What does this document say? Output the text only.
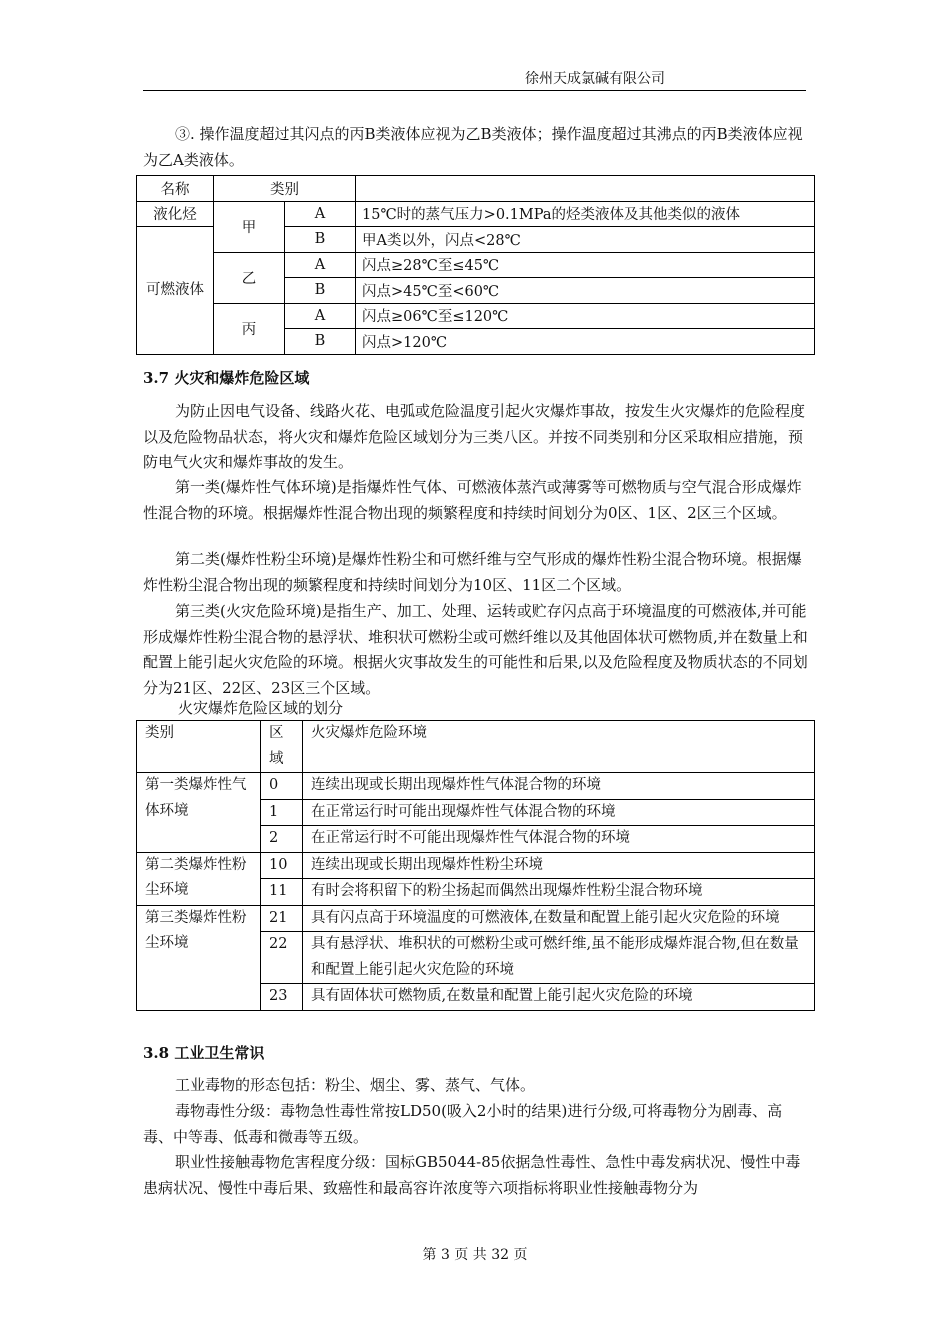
徐州天成氯碱有限公司

③. 操作温度超过其闪点的丙B类液体应视为乙B类液体；操作温度超过其沸点的丙B类液体应视为乙A类液体。

名称	类别		
液化烃	甲	A	15℃时的蒸气压力>0.1MPa的烃类液体及其他类似的液体
可燃液体		B	甲A类以外，闪点<28℃
	乙	A	闪点≥28℃至≤45℃
		B	闪点>45℃至<60℃
	丙	A	闪点≥06℃至≤120℃
		B	闪点>120℃
3.7 火灾和爆炸危险区域

为防止因电气设备、线路火花、电弧或危险温度引起火灾爆炸事故，按发生火灾爆炸的危险程度以及危险物品状态，将火灾和爆炸危险区域划分为三类八区。并按不同类别和分区采取相应措施，预防电气火灾和爆炸事故的发生。

第一类(爆炸性气体环境)是指爆炸性气体、可燃液体蒸汽或薄雾等可燃物质与空气混合形成爆炸性混合物的环境。根据爆炸性混合物出现的频繁程度和持续时间划分为0区、1区、2区三个区域。

第二类(爆炸性粉尘环境)是爆炸性粉尘和可燃纤维与空气形成的爆炸性粉尘混合物环境。根据爆炸性粉尘混合物出现的频繁程度和持续时间划分为10区、11区二个区域。

第三类(火灾危险环境)是指生产、加工、处理、运转或贮存闪点高于环境温度的可燃液体,并可能形成爆炸性粉尘混合物的悬浮状、堆积状可燃粉尘或可燃纤维以及其他固体状可燃物质,并在数量上和配置上能引起火灾危险的环境。根据火灾事故发生的可能性和后果,以及危险程度及物质状态的不同划分为21区、22区、23区三个区域。

火灾爆炸危险区域的划分
类别	区域	火灾爆炸危险环境
第一类爆炸性气体环境	0	连续出现或长期出现爆炸性气体混合物的环境
	1	在正常运行时可能出现爆炸性气体混合物的环境
	2	在正常运行时不可能出现爆炸性气体混合物的环境
第二类爆炸性粉尘环境	10	连续出现或长期出现爆炸性粉尘环境
	11	有时会将积留下的粉尘扬起而偶然出现爆炸性粉尘混合物环境
第三类爆炸性粉尘环境	21	具有闪点高于环境温度的可燃液体,在数量和配置上能引起火灾危险的环境
	22	具有悬浮状、堆积状的可燃粉尘或可燃纤维,虽不能形成爆炸混合物,但在数量和配置上能引起火灾危险的环境
	23	具有固体状可燃物质,在数量和配置上能引起火灾危险的环境
3.8 工业卫生常识

工业毒物的形态包括：粉尘、烟尘、雾、蒸气、气体。

毒物毒性分级：毒物急性毒性常按LD50(吸入2小时的结果)进行分级,可将毒物分为剧毒、高毒、中等毒、低毒和微毒等五级。

职业性接触毒物危害程度分级：国标GB5044-85依据急性毒性、急性中毒发病状况、慢性中毒患病状况、慢性中毒后果、致癌性和最高容许浓度等六项指标将职业性接触毒物分为

第 3 页 共 32 页
